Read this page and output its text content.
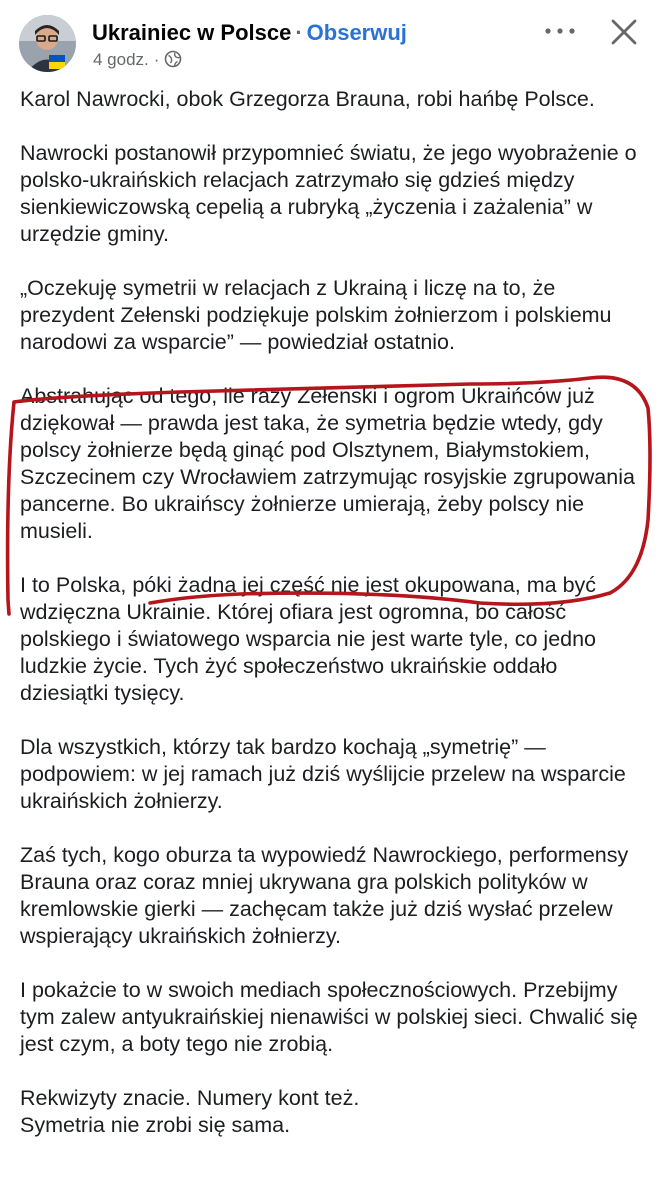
Ukrainiec w Polsce · Obserwuj
4 godz. ·

Karol Nawrocki, obok Grzegorza Brauna, robi hańbę Polsce.

Nawrocki postanowił przypomnieć światu, że jego wyobrażenie o polsko-ukraińskich relacjach zatrzymało się gdzieś między sienkiewiczowską cepelią a rubryką „życzenia i zażalenia” w urzędzie gminy.

„Oczekuję symetrii w relacjach z Ukrainą i liczę na to, że prezydent Zełenski podziękuje polskim żołnierzom i polskiemu narodowi za wsparcie” — powiedział ostatnio.

Abstrahując od tego, ile razy Zełenski i ogrom Ukraińców już dziękował — prawda jest taka, że symetria będzie wtedy, gdy polscy żołnierze będą ginąć pod Olsztynem, Białymstokiem, Szczecinem czy Wrocławiem zatrzymując rosyjskie zgrupowania pancerne. Bo ukraińscy żołnierze umierają, żeby polscy nie musieli.

I to Polska, póki żadna jej część nie jest okupowana, ma być wdzięczna Ukrainie. Której ofiara jest ogromna, bo całość polskiego i światowego wsparcia nie jest warte tyle, co jedno ludzkie życie. Tych żyć społeczeństwo ukraińskie oddało dziesiątki tysięcy.

Dla wszystkich, którzy tak bardzo kochają „symetrię” — podpowiem: w jej ramach już dziś wyślijcie przelew na wsparcie ukraińskich żołnierzy.

Zaś tych, kogo oburza ta wypowiedź Nawrockiego, performensy Brauna oraz coraz mniej ukrywana gra polskich polityków w kremlowskie gierki — zachęcam także już dziś wysłać przelew wspierający ukraińskich żołnierzy.

I pokażcie to w swoich mediach społecznościowych. Przebijmy tym zalew antyukraińskiej nienawiści w polskiej sieci. Chwalić się jest czym, a boty tego nie zrobią.

Rekwizyty znacie. Numery kont też.
Symetria nie zrobi się sama.
